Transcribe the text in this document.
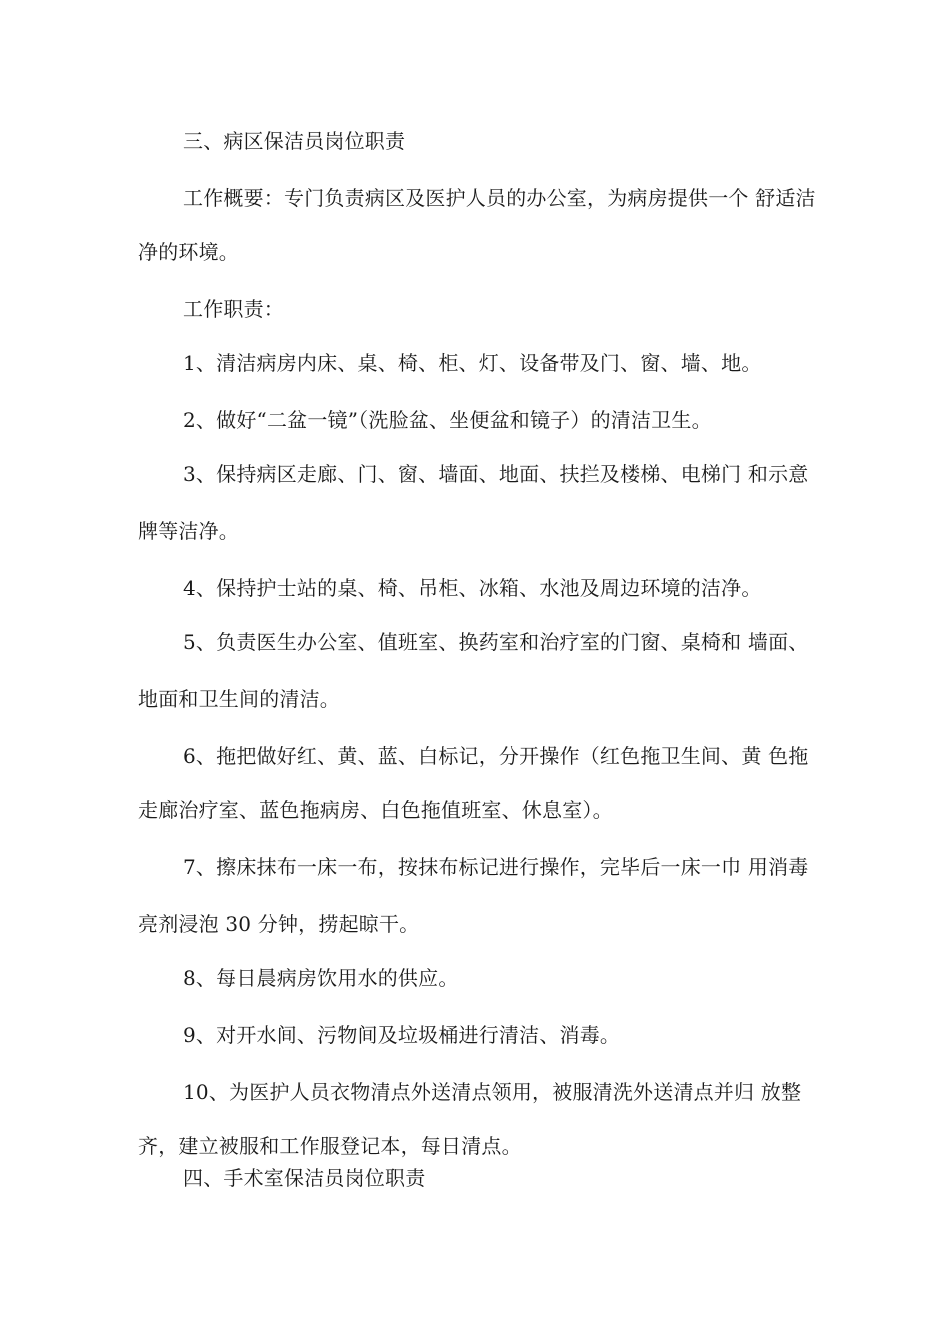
三、病区保洁员岗位职责

工作概要：专门负责病区及医护人员的办公室，为病房提供一个 舒适洁

净的环境。

工作职责：

1、清洁病房内床、桌、椅、柜、灯、设备带及门、窗、墙、地。

2、做好“二盆一镜”（洗脸盆、坐便盆和镜子）的清洁卫生。

3、保持病区走廊、门、窗、墙面、地面、扶拦及楼梯、电梯门 和示意

牌等洁净。

4、保持护士站的桌、椅、吊柜、冰箱、水池及周边环境的洁净。

5、负责医生办公室、值班室、换药室和治疗室的门窗、桌椅和 墙面、

地面和卫生间的清洁。

6、拖把做好红、黄、蓝、白标记，分开操作（红色拖卫生间、黄 色拖

走廊治疗室、蓝色拖病房、白色拖值班室、休息室）。

7、擦床抹布一床一布，按抹布标记进行操作，完毕后一床一巾 用消毒

亮剂浸泡 30 分钟，捞起晾干。

8、每日晨病房饮用水的供应。

9、对开水间、污物间及垃圾桶进行清洁、消毒。

10、为医护人员衣物清点外送清点领用，被服清洗外送清点并归 放整

齐，建立被服和工作服登记本，每日清点。

四、手术室保洁员岗位职责
